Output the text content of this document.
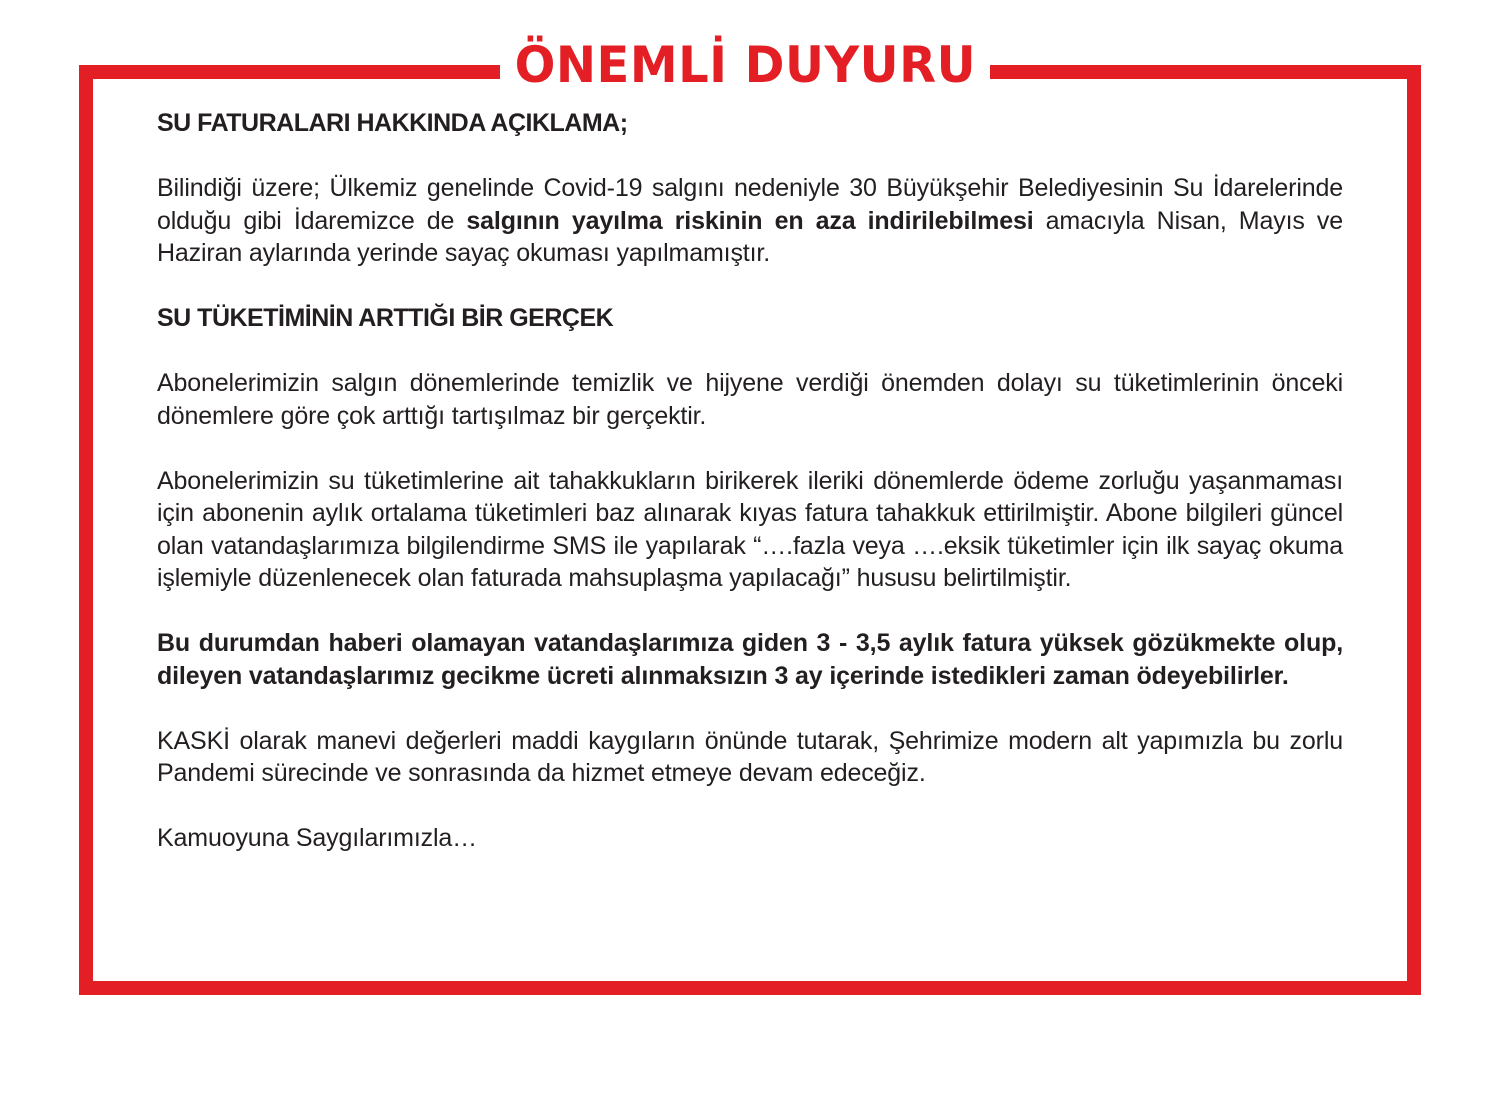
ÖNEMLİ DUYURU

SU FATURALARI HAKKINDA AÇIKLAMA;

Bilindiği üzere; Ülkemiz genelinde Covid-19 salgını nedeniyle 30 Büyükşehir Belediyesinin Su İdarelerinde olduğu gibi İdaremizce de salgının yayılma riskinin en aza indirilebilmesi amacıyla Nisan, Mayıs ve Haziran aylarında yerinde sayaç okuması yapılmamıştır.

SU TÜKETİMİNİN ARTTIĞI BİR GERÇEK

Abonelerimizin salgın dönemlerinde temizlik ve hijyene verdiği önemden dolayı su tüketimlerinin önceki dönemlere göre çok arttığı tartışılmaz bir gerçektir.

Abonelerimizin su tüketimlerine ait tahakkukların birikerek ileriki dönemlerde ödeme zorluğu yaşanmaması için abonenin aylık ortalama tüketimleri baz alınarak kıyas fatura tahakkuk ettirilmiştir. Abone bilgileri güncel olan vatandaşlarımıza bilgilendirme SMS ile yapılarak “….fazla veya ….eksik tüketimler için ilk sayaç okuma işlemiyle düzenlenecek olan faturada mahsuplaşma yapılacağı” hususu belirtilmiştir.

Bu durumdan haberi olamayan vatandaşlarımıza giden 3 - 3,5 aylık fatura yüksek gözükmekte olup, dileyen vatandaşlarımız gecikme ücreti alınmaksızın 3 ay içerinde istedikleri zaman ödeyebilirler.

KASKİ olarak manevi değerleri maddi kaygıların önünde tutarak, Şehrimize modern alt yapımızla bu zorlu Pandemi sürecinde ve sonrasında da hizmet etmeye devam edeceğiz.

Kamuoyuna Saygılarımızla…
